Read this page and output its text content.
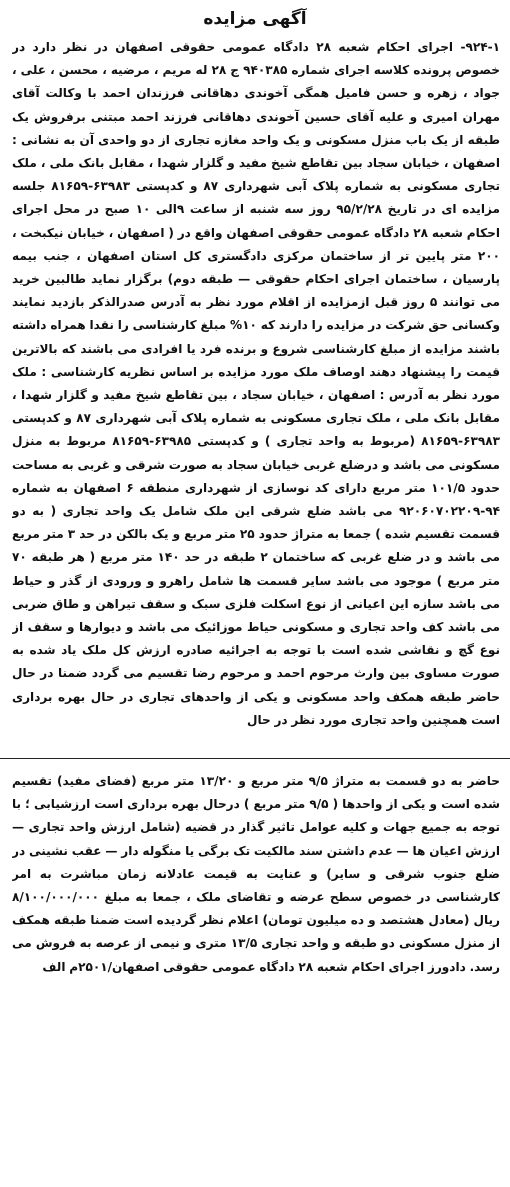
آگهی مزایده
۹۲۴-۱- اجرای احکام شعبه ۲۸ دادگاه عمومی حقوقی اصفهان در نظر دارد در خصوص پرونده کلاسه اجرای شماره ۹۴۰۳۸۵ ج ۲۸ له مریم ، مرضیه ، محسن ، علی ، جواد ، زهره و حسن فامیل همگی آخوندی دهاقانی فرزندان احمد با وکالت آقای مهران امیری و علیه آقای حسین آخوندی دهاقانی فرزند احمد مبتنی برفروش یک طبقه از یک باب منزل مسکونی و یک واحد مغازه تجاری از دو واحدی آن به نشانی : اصفهان ، خیابان سجاد بین تقاطع شیخ مفید و گلزار شهدا ، مقابل بانک ملی ، ملک تجاری مسکونی به شماره پلاک آبی شهرداری ۸۷ و کدپستی ۶۳۹۸۳-۸۱۶۵۹ جلسه مزایده ای در تاریخ ۹۵/۲/۲۸ روز سه شنبه از ساعت ۹الی ۱۰ صبح در محل اجرای احکام شعبه ۲۸ دادگاه عمومی حقوقی اصفهان واقع در ( اصفهان ، خیابان نیکبخت ، ۲۰۰ متر پایین تر از ساختمان مرکزی دادگستری کل استان اصفهان ، جنب بیمه پارسیان ، ساختمان اجرای احکام حقوقی — طبقه دوم) برگزار نماید طالبین خرید می توانند ۵ روز قبل ازمزایده از اقلام مورد نظر به آدرس صدرالذکر بازدید نمایند وکسانی حق شرکت در مزایده را دارند که ۱۰% مبلغ کارشناسی را نقدا همراه داشته باشند مزایده از مبلغ کارشناسی شروع و برنده فرد یا افرادی می باشند که بالاترین قیمت را پیشنهاد دهند اوصاف ملک مورد مزایده بر اساس نظریه کارشناسی : ملک مورد نظر به آدرس : اصفهان ، خیابان سجاد ، بین تقاطع شیخ مفید و گلزار شهدا ، مقابل بانک ملی ، ملک تجاری مسکونی به شماره پلاک آبی شهرداری ۸۷ و کدپستی ۶۳۹۸۳-۸۱۶۵۹ (مربوط به واحد تجاری ) و کدپستی ۶۳۹۸۵-۸۱۶۵۹ مربوط به منزل مسکونی می باشد و درضلع غربی خیابان سجاد به صورت شرقی و غربی به مساحت حدود ۱۰۱/۵ متر مربع دارای کد نوسازی از شهرداری منطقه ۶ اصفهان به شماره ۹۴-۹۲۰۶۰۷۰۲۲۰۹ می باشد ضلع شرقی این ملک شامل یک واحد تجاری ( به دو قسمت تقسیم شده ) جمعا به متراژ حدود ۲۵ متر مربع و یک بالکن در حد ۳ متر مربع می باشد و در ضلع غربی که ساختمان ۲ طبقه در حد ۱۴۰ متر مربع ( هر طبقه ۷۰ متر مربع ) موجود می باشد سایر قسمت ها شامل راهرو و ورودی از گذر و حیاط می باشد سازه این اعیانی از نوع اسکلت فلزی سبک و سقف تیراهن و طاق ضربی می باشد کف واحد تجاری و مسکونی حیاط موزائیک می باشد و دیوارها و سقف از نوع گچ و نقاشی شده است با توجه به اجرائیه صادره ارزش کل ملک یاد شده به صورت مساوی بین وارث مرحوم احمد و مرحوم رضا تقسیم می گردد ضمنا در حال حاضر طبقه همکف واحد مسکونی و یکی از واحدهای تجاری در حال بهره برداری است همچنین واحد تجاری مورد نظر در حال
حاضر به دو قسمت به متراژ ۹/۵ متر مربع و ۱۳/۲۰ متر مربع (فضای مفید) تقسیم شده است و یکی از واحدها ( ۹/۵ متر مربع ) درحال بهره برداری است ارزشیابی ؛ با توجه به جمیع جهات و کلیه عوامل تاثیر گذار در قضیه (شامل ارزش واحد تجاری — ارزش اعیان ها — عدم داشتن سند مالکیت تک برگی یا منگوله دار — عقب نشینی در ضلع جنوب شرقی و سایر) و عنایت به قیمت عادلانه زمان مباشرت به امر کارشناسی در خصوص سطح عرضه و تقاضای ملک ، جمعا به مبلغ ۸/۱۰۰/۰۰۰/۰۰۰ ریال (معادل هشتصد و ده میلیون تومان) اعلام نظر گردیده است ضمنا طبقه همکف از منزل مسکونی دو طبقه و واحد تجاری ۱۳/۵ متری و نیمی از عرصه به فروش می رسد. دادورز اجرای احکام شعبه ۲۸ دادگاه عمومی حقوقی اصفهان/۲۵۰۱م الف
